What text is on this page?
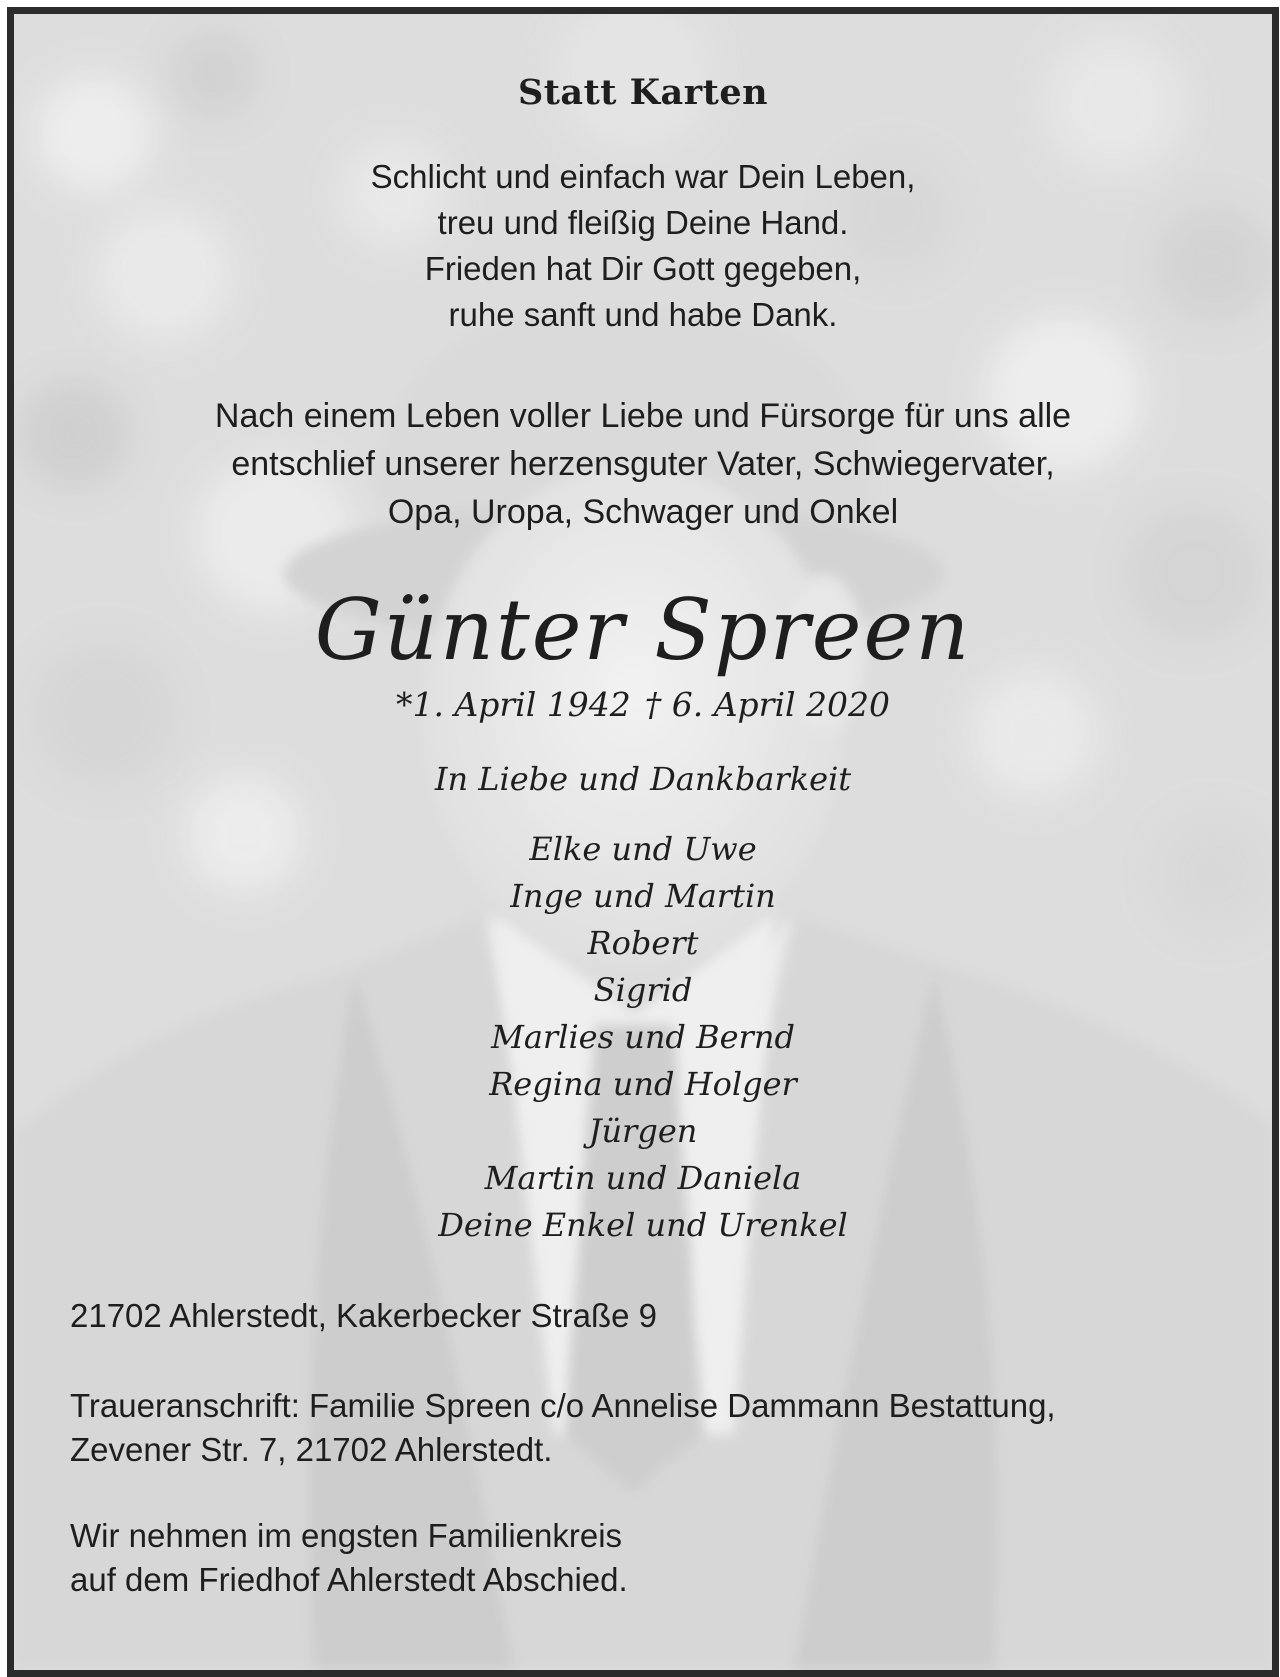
Statt Karten
Schlicht und einfach war Dein Leben,
treu und fleißig Deine Hand.
Frieden hat Dir Gott gegeben,
ruhe sanft und habe Dank.
Nach einem Leben voller Liebe und Fürsorge für uns alle
entschlief unserer herzensguter Vater, Schwiegervater,
Opa, Uropa, Schwager und Onkel
Günter Spreen
*1. April 1942 † 6. April 2020
In Liebe und Dankbarkeit
Elke und Uwe
Inge und Martin
Robert
Sigrid
Marlies und Bernd
Regina und Holger
Jürgen
Martin und Daniela
Deine Enkel und Urenkel
21702 Ahlerstedt, Kakerbecker Straße 9
Traueranschrift: Familie Spreen c/o Annelise Dammann Bestattung,
Zevener Str. 7, 21702 Ahlerstedt.
Wir nehmen im engsten Familienkreis
auf dem Friedhof Ahlerstedt Abschied.
